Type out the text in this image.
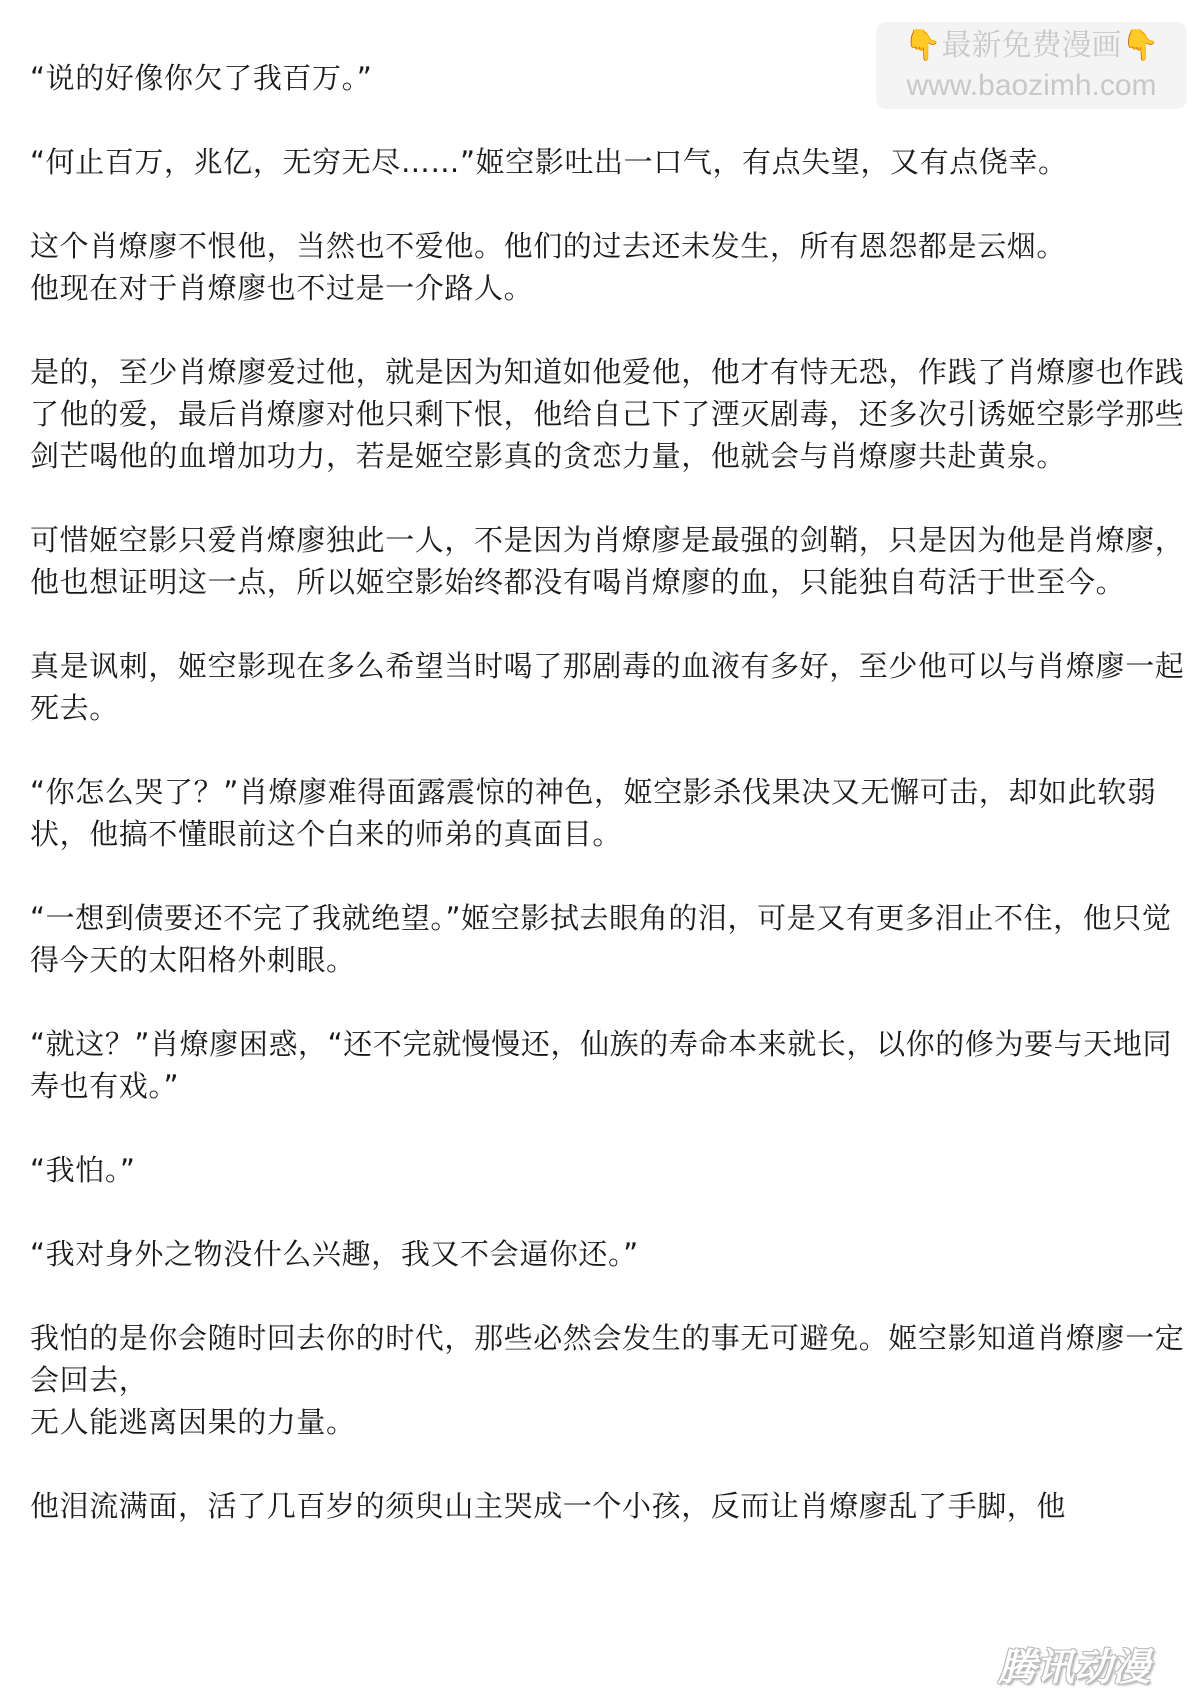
👇最新免费漫画👇
www.baozimh.com

“说的好像你欠了我百万。”

“何止百万，兆亿，无穷无尽……”姬空影吐出一口气，有点失望，又有点侥幸。

这个肖燎廖不恨他，当然也不爱他。他们的过去还未发生，所有恩怨都是云烟。
他现在对于肖燎廖也不过是一介路人。

是的，至少肖燎廖爱过他，就是因为知道如他爱他，他才有恃无恐，作践了肖燎廖也作践了他的爱，最后肖燎廖对他只剩下恨，他给自己下了湮灭剧毒，还多次引诱姬空影学那些剑芒喝他的血增加功力，若是姬空影真的贪恋力量，他就会与肖燎廖共赴黄泉。

可惜姬空影只爱肖燎廖独此一人，不是因为肖燎廖是最强的剑鞘，只是因为他是肖燎廖，他也想证明这一点，所以姬空影始终都没有喝肖燎廖的血，只能独自苟活于世至今。

真是讽刺，姬空影现在多么希望当时喝了那剧毒的血液有多好，至少他可以与肖燎廖一起死去。

“你怎么哭了？”肖燎廖难得面露震惊的神色，姬空影杀伐果决又无懈可击，却如此软弱状，他搞不懂眼前这个白来的师弟的真面目。

“一想到债要还不完了我就绝望。”姬空影拭去眼角的泪，可是又有更多泪止不住，他只觉得今天的太阳格外刺眼。

“就这？”肖燎廖困惑，“还不完就慢慢还，仙族的寿命本来就长，以你的修为要与天地同寿也有戏。”

“我怕。”

“我对身外之物没什么兴趣，我又不会逼你还。”

我怕的是你会随时回去你的时代，那些必然会发生的事无可避免。姬空影知道肖燎廖一定会回去，
无人能逃离因果的力量。

他泪流满面，活了几百岁的须臾山主哭成一个小孩，反而让肖燎廖乱了手脚，他

腾讯动漫
